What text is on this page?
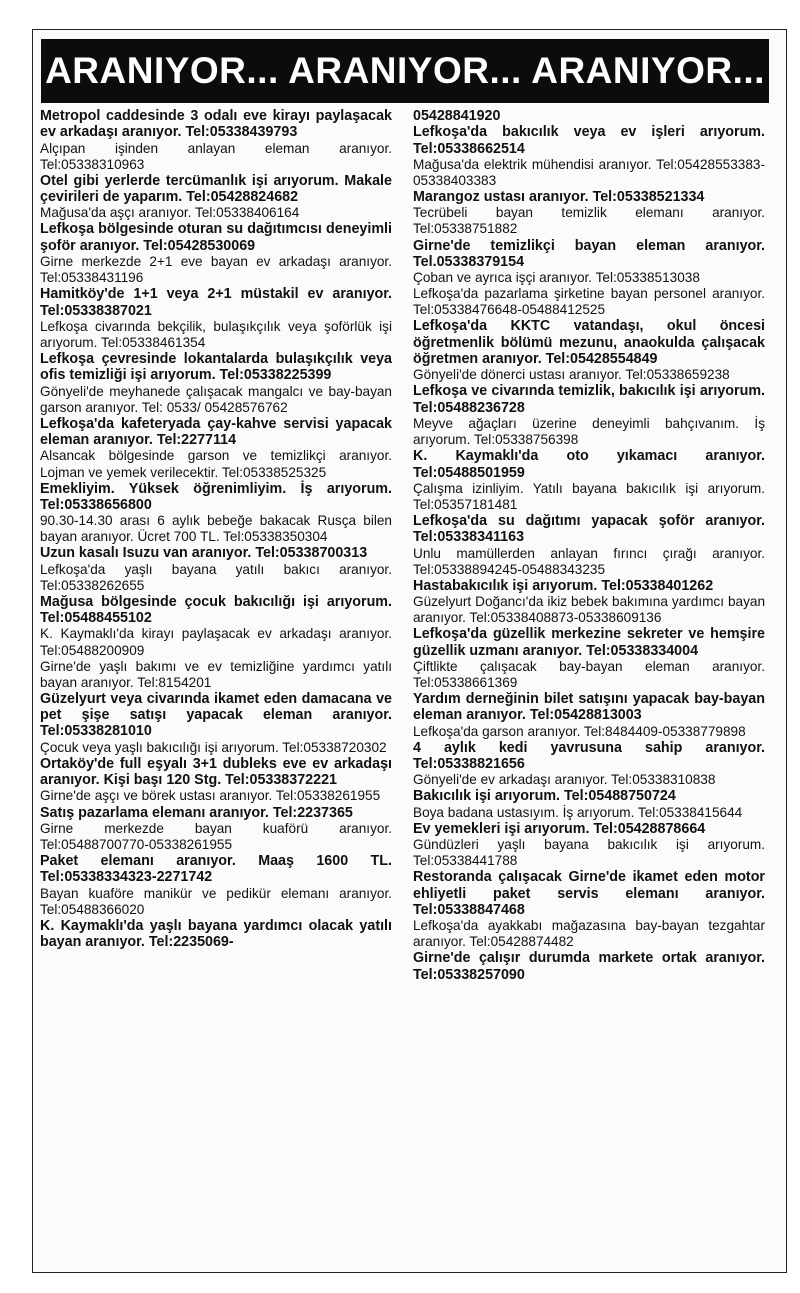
ARANIYOR... ARANIYOR... ARANIYOR...

Metropol caddesinde 3 odalı eve kirayı paylaşacak ev arkadaşı aranıyor. Tel:05338439793

Alçıpan işinden anlayan eleman aranıyor. Tel:05338310963

Otel gibi yerlerde tercümanlık işi arıyorum. Makale çevirileri de yaparım. Tel:05428824682

Mağusa'da aşçı aranıyor. Tel:05338406164

Lefkoşa bölgesinde oturan su dağıtımcısı deneyimli şoför aranıyor. Tel:05428530069

Girne merkezde 2+1 eve bayan ev arkadaşı aranıyor. Tel:05338431196

Hamitköy'de 1+1 veya 2+1 müstakil ev aranıyor. Tel:05338387021

Lefkoşa civarında bekçilik, bulaşıkçılık veya şoförlük işi arıyorum. Tel:05338461354

Lefkoşa çevresinde lokantalarda bulaşıkçılık veya ofis temizliği işi arıyorum. Tel:05338225399

Gönyeli'de meyhanede çalışacak mangalcı ve bay-bayan garson aranıyor. Tel: 0533/ 05428576762

Lefkoşa'da kafeteryada çay-kahve servisi yapacak eleman aranıyor. Tel:2277114

Alsancak bölgesinde garson ve temizlikçi aranıyor. Lojman ve yemek verilecektir. Tel:05338525325

Emekliyim. Yüksek öğrenimliyim. İş arıyorum. Tel:05338656800

90.30-14.30 arası 6 aylık bebeğe bakacak Rusça bilen bayan aranıyor. Ücret 700 TL. Tel:05338350304

Uzun kasalı Isuzu van aranıyor. Tel:05338700313

Lefkoşa'da yaşlı bayana yatılı bakıcı aranıyor. Tel:05338262655

Mağusa bölgesinde çocuk bakıcılığı işi arıyorum. Tel:05488455102

K. Kaymaklı'da kirayı paylaşacak ev arkadaşı aranıyor. Tel:05488200909

Girne'de yaşlı bakımı ve ev temizliğine yardımcı yatılı bayan aranıyor. Tel:8154201

Güzelyurt veya civarında ikamet eden damacana ve pet şişe satışı yapacak eleman aranıyor. Tel:05338281010

Çocuk veya yaşlı bakıcılığı işi arıyorum. Tel:05338720302

Ortaköy'de full eşyalı 3+1 dubleks eve ev arkadaşı aranıyor. Kişi başı 120 Stg. Tel:05338372221

Girne'de aşçı ve börek ustası aranıyor. Tel:05338261955

Satış pazarlama elemanı aranıyor. Tel:2237365

Girne merkezde bayan kuaförü aranıyor. Tel:05488700770-05338261955

Paket elemanı aranıyor. Maaş 1600 TL. Tel:05338334323-2271742

Bayan kuaföre manikür ve pedikür elemanı aranıyor. Tel:05488366020

K. Kaymaklı'da yaşlı bayana yardımcı olacak yatılı bayan aranıyor. Tel:2235069-

05428841920

Lefkoşa'da bakıcılık veya ev işleri arıyorum. Tel:05338662514

Mağusa'da elektrik mühendisi aranıyor. Tel:05428553383-05338403383

Marangoz ustası aranıyor. Tel:05338521334

Tecrübeli bayan temizlik elemanı aranıyor. Tel:05338751882

Girne'de temizlikçi bayan eleman aranıyor. Tel.05338379154

Çoban ve ayrıca işçi aranıyor. Tel:05338513038

Lefkoşa'da pazarlama şirketine bayan personel aranıyor. Tel:05338476648-05488412525

Lefkoşa'da KKTC vatandaşı, okul öncesi öğretmenlik bölümü mezunu, anaokulda çalışacak öğretmen aranıyor. Tel:05428554849

Gönyeli'de dönerci ustası aranıyor. Tel:05338659238

Lefkoşa ve civarında temizlik, bakıcılık işi arıyorum. Tel:05488236728

Meyve ağaçları üzerine deneyimli bahçıvanım. İş arıyorum. Tel:05338756398

K. Kaymaklı'da oto yıkamacı aranıyor. Tel:05488501959

Çalışma izinliyim. Yatılı bayana bakıcılık işi arıyorum. Tel:05357181481

Lefkoşa'da su dağıtımı yapacak şoför aranıyor. Tel:05338341163

Unlu mamüllerden anlayan fırıncı çırağı aranıyor. Tel:05338894245-05488343235

Hastabakıcılık işi arıyorum. Tel:05338401262

Güzelyurt Doğancı'da ikiz bebek bakımına yardımcı bayan aranıyor. Tel:05338408873-05338609136

Lefkoşa'da güzellik merkezine sekreter ve hemşire güzellik uzmanı aranıyor. Tel:05338334004

Çiftlikte çalışacak bay-bayan eleman aranıyor. Tel:05338661369

Yardım derneğinin bilet satışını yapacak bay-bayan eleman aranıyor. Tel:05428813003

Lefkoşa'da garson aranıyor. Tel:8484409-05338779898

4 aylık kedi yavrusuna sahip aranıyor. Tel:05338821656

Gönyeli'de ev arkadaşı aranıyor. Tel:05338310838

Bakıcılık işi arıyorum. Tel:05488750724

Boya badana ustasıyım. İş arıyorum. Tel:05338415644

Ev yemekleri işi arıyorum. Tel:05428878664

Gündüzleri yaşlı bayana bakıcılık işi arıyorum. Tel:05338441788

Restoranda çalışacak Girne'de ikamet eden motor ehliyetli paket servis elemanı aranıyor. Tel:05338847468

Lefkoşa'da ayakkabı mağazasına bay-bayan tezgahtar aranıyor. Tel:05428874482

Girne'de çalışır durumda markete ortak aranıyor. Tel:05338257090
